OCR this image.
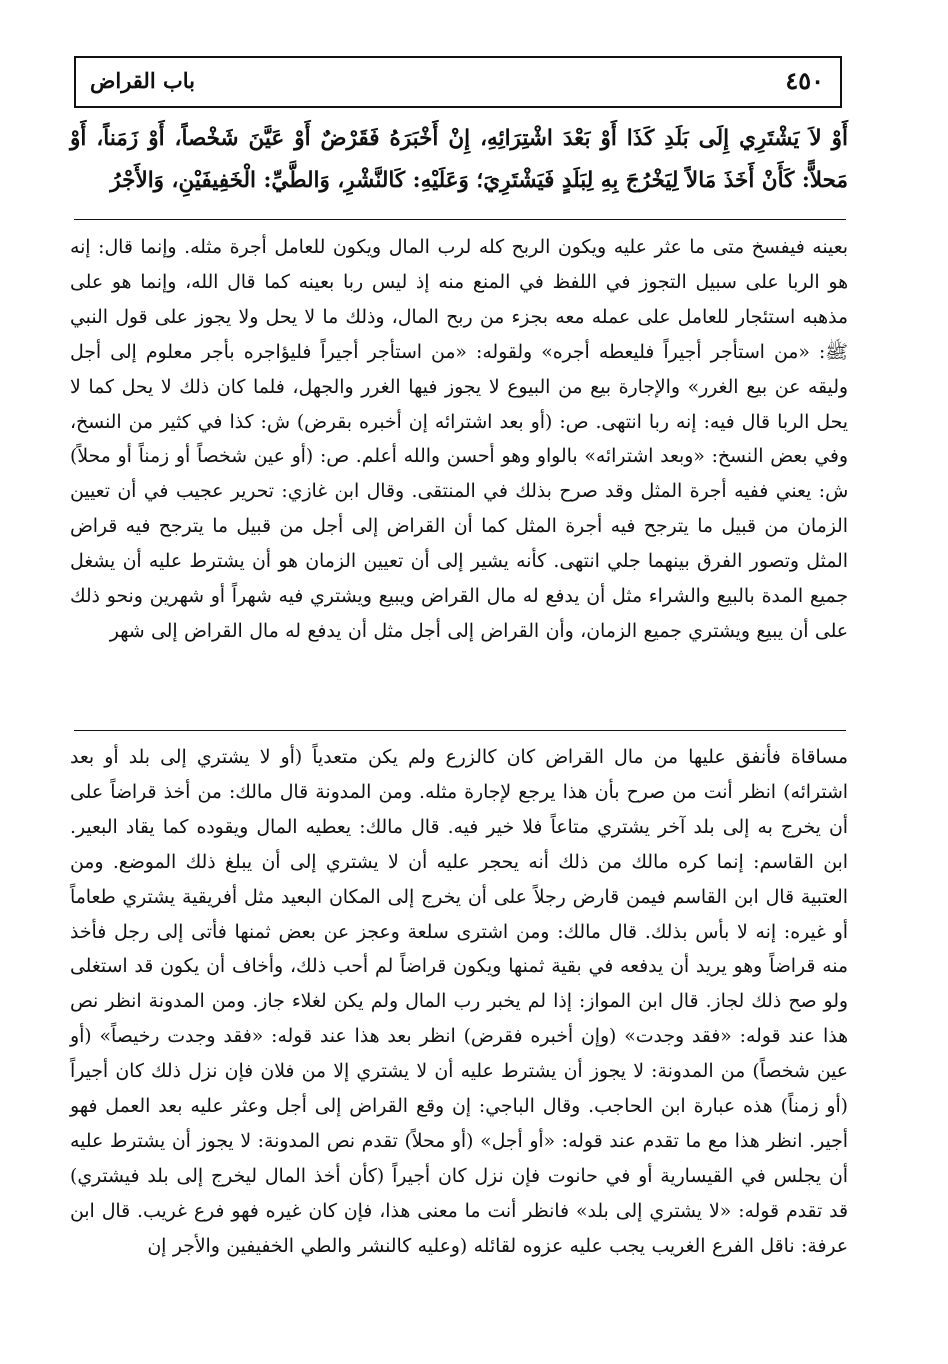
باب القراض	٤٥٠

أَوْ لاَ يَشْتَرِي إِلَى بَلَدِ كَذَا أَوْ بَعْدَ اشْتِرَائِهِ، إِنْ أَخْبَرَهُ فَقَرْضٌ أَوْ عَيَّنَ شَخْصاً، أَوْ زَمَناً، أَوْ مَحلاًّ: كَأَنْ أَخَذَ مَالاً لِيَخْرُجَ بِهِ لِبَلَدٍ فَيَشْتَرِيَ؛ وَعَلَيْهِ: كَالنَّشْرِ، وَالطَّيِّ: الْخَفِيفَيْنِ، وَالأَجْرُ

بعينه فيفسخ متى ما عثر عليه ويكون الربح كله لرب المال ويكون للعامل أجرة مثله. وإنما قال: إنه هو الربا على سبيل التجوز في اللفظ في المنع منه إذ ليس ربا بعينه كما قال الله، وإنما هو على مذهبه استئجار للعامل على عمله معه بجزء من ربح المال، وذلك ما لا يحل ولا يجوز على قول النبي ﷺ: «من استأجر أجيراً فليعطه أجره» ولقوله: «من استأجر أجيراً فليؤاجره بأجر معلوم إلى أجل وليقه عن بيع الغرر» والإجارة بيع من البيوع لا يجوز فيها الغرر والجهل، فلما كان ذلك لا يحل كما لا يحل الربا قال فيه: إنه ربا انتهى. ص: (أو بعد اشترائه إن أخبره بقرض) ش: كذا في كثير من النسخ، وفي بعض النسخ: «وبعد اشترائه» بالواو وهو أحسن والله أعلم. ص: (أو عين شخصاً أو زمناً أو محلاً) ش: يعني ففيه أجرة المثل وقد صرح بذلك في المنتقى. وقال ابن غازي: تحرير عجيب في أن تعيين الزمان من قبيل ما يترجح فيه أجرة المثل كما أن القراض إلى أجل من قبيل ما يترجح فيه قراض المثل وتصور الفرق بينهما جلي انتهى. كأنه يشير إلى أن تعيين الزمان هو أن يشترط عليه أن يشغل جميع المدة بالبيع والشراء مثل أن يدفع له مال القراض ويبيع ويشتري فيه شهراً أو شهرين ونحو ذلك على أن يبيع ويشتري جميع الزمان، وأن القراض إلى أجل مثل أن يدفع له مال القراض إلى شهر

مساقاة فأنفق عليها من مال القراض كان كالزرع ولم يكن متعدياً (أو لا يشتري إلى بلد أو بعد اشترائه) انظر أنت من صرح بأن هذا يرجع لإجارة مثله. ومن المدونة قال مالك: من أخذ قراضاً على أن يخرج به إلى بلد آخر يشتري متاعاً فلا خير فيه. قال مالك: يعطيه المال ويقوده كما يقاد البعير. ابن القاسم: إنما كره مالك من ذلك أنه يحجر عليه أن لا يشتري إلى أن يبلغ ذلك الموضع. ومن العتبية قال ابن القاسم فيمن قارض رجلاً على أن يخرج إلى المكان البعيد مثل أفريقية يشتري طعاماً أو غيره: إنه لا بأس بذلك. قال مالك: ومن اشترى سلعة وعجز عن بعض ثمنها فأتى إلى رجل فأخذ منه قراضاً وهو يريد أن يدفعه في بقية ثمنها ويكون قراضاً لم أحب ذلك، وأخاف أن يكون قد استغلى ولو صح ذلك لجاز. قال ابن المواز: إذا لم يخبر رب المال ولم يكن لغلاء جاز. ومن المدونة انظر نص هذا عند قوله: «فقد وجدت» (وإن أخبره فقرض) انظر بعد هذا عند قوله: «فقد وجدت رخيصاً» (أو عين شخصاً) من المدونة: لا يجوز أن يشترط عليه أن لا يشتري إلا من فلان فإن نزل ذلك كان أجيراً (أو زمناً) هذه عبارة ابن الحاجب. وقال الباجي: إن وقع القراض إلى أجل وعثر عليه بعد العمل فهو أجير. انظر هذا مع ما تقدم عند قوله: «أو أجل» (أو محلاً) تقدم نص المدونة: لا يجوز أن يشترط عليه أن يجلس في القيسارية أو في حانوت فإن نزل كان أجيراً (كأن أخذ المال ليخرج إلى بلد فيشتري) قد تقدم قوله: «لا يشتري إلى بلد» فانظر أنت ما معنى هذا، فإن كان غيره فهو فرع غريب. قال ابن عرفة: ناقل الفرع الغريب يجب عليه عزوه لقائله (وعليه كالنشر والطي الخفيفين والأجر إن
